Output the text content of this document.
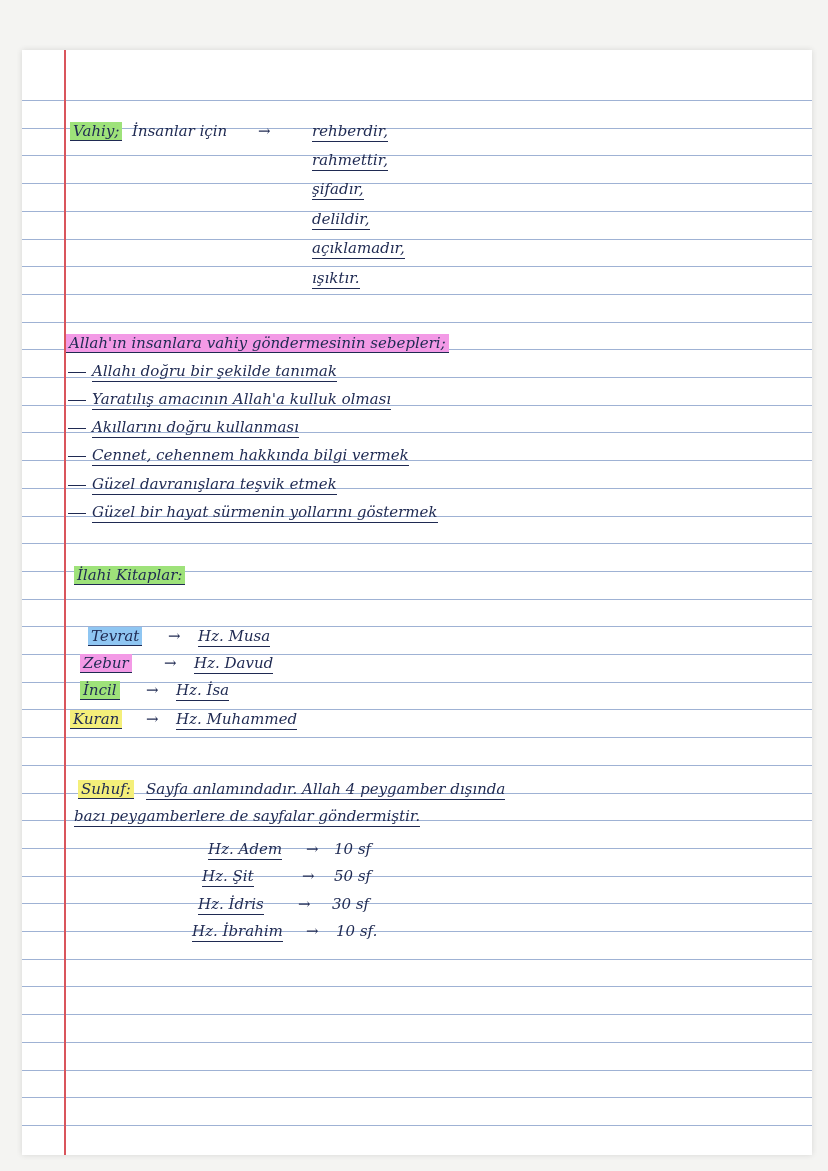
Vahiy; İnsanlar için →	rehberdir,
rahmettir,
şifadır,
delildir,
açıklamadır,
ışıktır.
Allah'ın insanlara vahiy göndermesinin sebepleri;
Allahı doğru bir şekilde tanımak
Yaratılış amacının Allah'a kulluk olması
Akıllarını doğru kullanması
Cennet, cehennem hakkında bilgi vermek
Güzel davranışlara teşvik etmek
Güzel bir hayat sürmenin yollarını göstermek
İlahi Kitaplar:
Tevrat → Hz. Musa
Zebur → Hz. Davud
İncil → Hz. İsa
Kuran → Hz. Muhammed
Suhuf: Sayfa anlamındadır. Allah 4 peygamber dışında
bazı peygamberlere de sayfalar göndermiştir.
Hz. Adem → 10 sf
Hz. Şit	→ 50 sf
Hz. İdris → 30 sf
Hz. İbrahim → 10 sf.
